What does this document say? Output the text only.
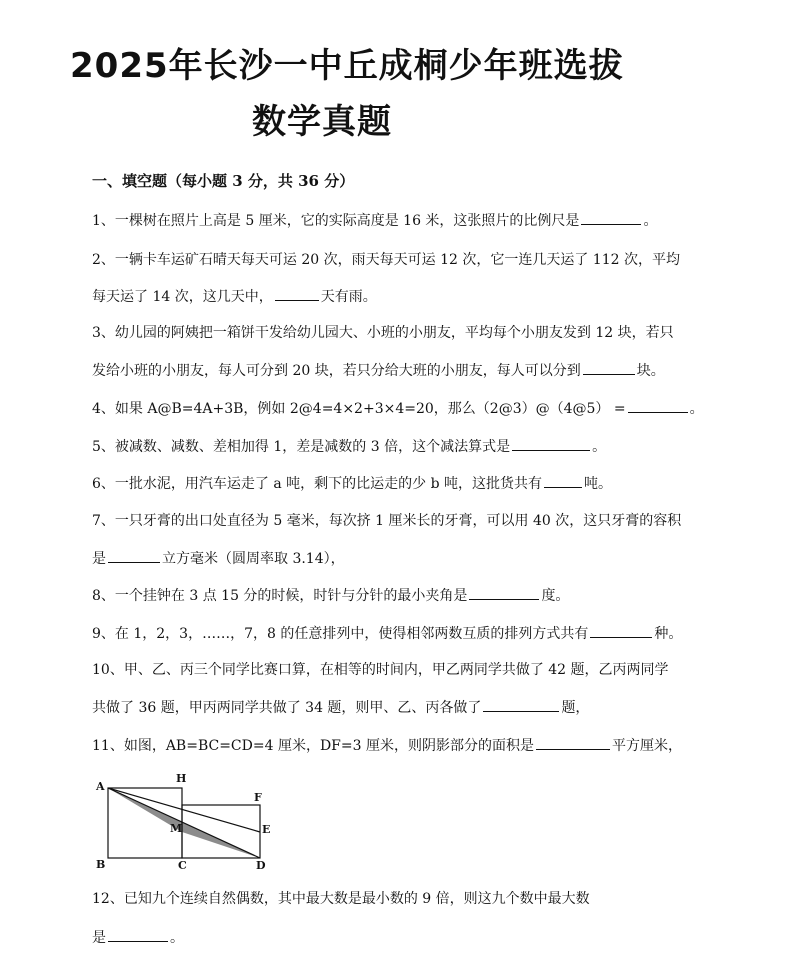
2025年长沙一中丘成桐少年班选拔
数学真题
一、填空题（每小题 3 分，共 36 分）
1、一棵树在照片上高是 5 厘米，它的实际高度是 16 米，这张照片的比例尺是	。
2、一辆卡车运矿石晴天每天可运 20 次，雨天每天可运 12 次，它一连几天运了 112 次，平均
每天运了 14 次，这几天中，	天有雨。
3、幼儿园的阿姨把一箱饼干发给幼儿园大、小班的小朋友，平均每个小朋友发到 12 块，若只
发给小班的小朋友，每人可分到 20 块，若只分给大班的小朋友，每人可以分到	块。
4、如果 A@B=4A+3B，例如 2@4=4×2+3×4=20，那么（2@3）@（4@5） =	。
5、被减数、减数、差相加得 1，差是减数的 3 倍，这个减法算式是	。
6、一批水泥，用汽车运走了 a 吨，剩下的比运走的少 b 吨，这批货共有	吨。
7、一只牙膏的出口处直径为 5 毫米，每次挤 1 厘米长的牙膏，可以用 40 次，这只牙膏的容积
是	立方毫米（圆周率取 3.14），
8、一个挂钟在 3 点 15 分的时候，时针与分针的最小夹角是	度。
9、在 1，2，3，……，7，8 的任意排列中，使得相邻两数互质的排列方式共有	种。
10、甲、乙、丙三个同学比赛口算，在相等的时间内，甲乙两同学共做了 42 题，乙丙两同学
共做了 36 题，甲丙两同学共做了 34 题，则甲、乙、丙各做了	题，
11、如图，AB=BC=CD=4 厘米，DF=3 厘米，则阴影部分的面积是	平方厘米，
A
H
F
M	E
B	C	D
12、已知九个连续自然偶数，其中最大数是最小数的 9 倍，则这九个数中最大数
是	。
